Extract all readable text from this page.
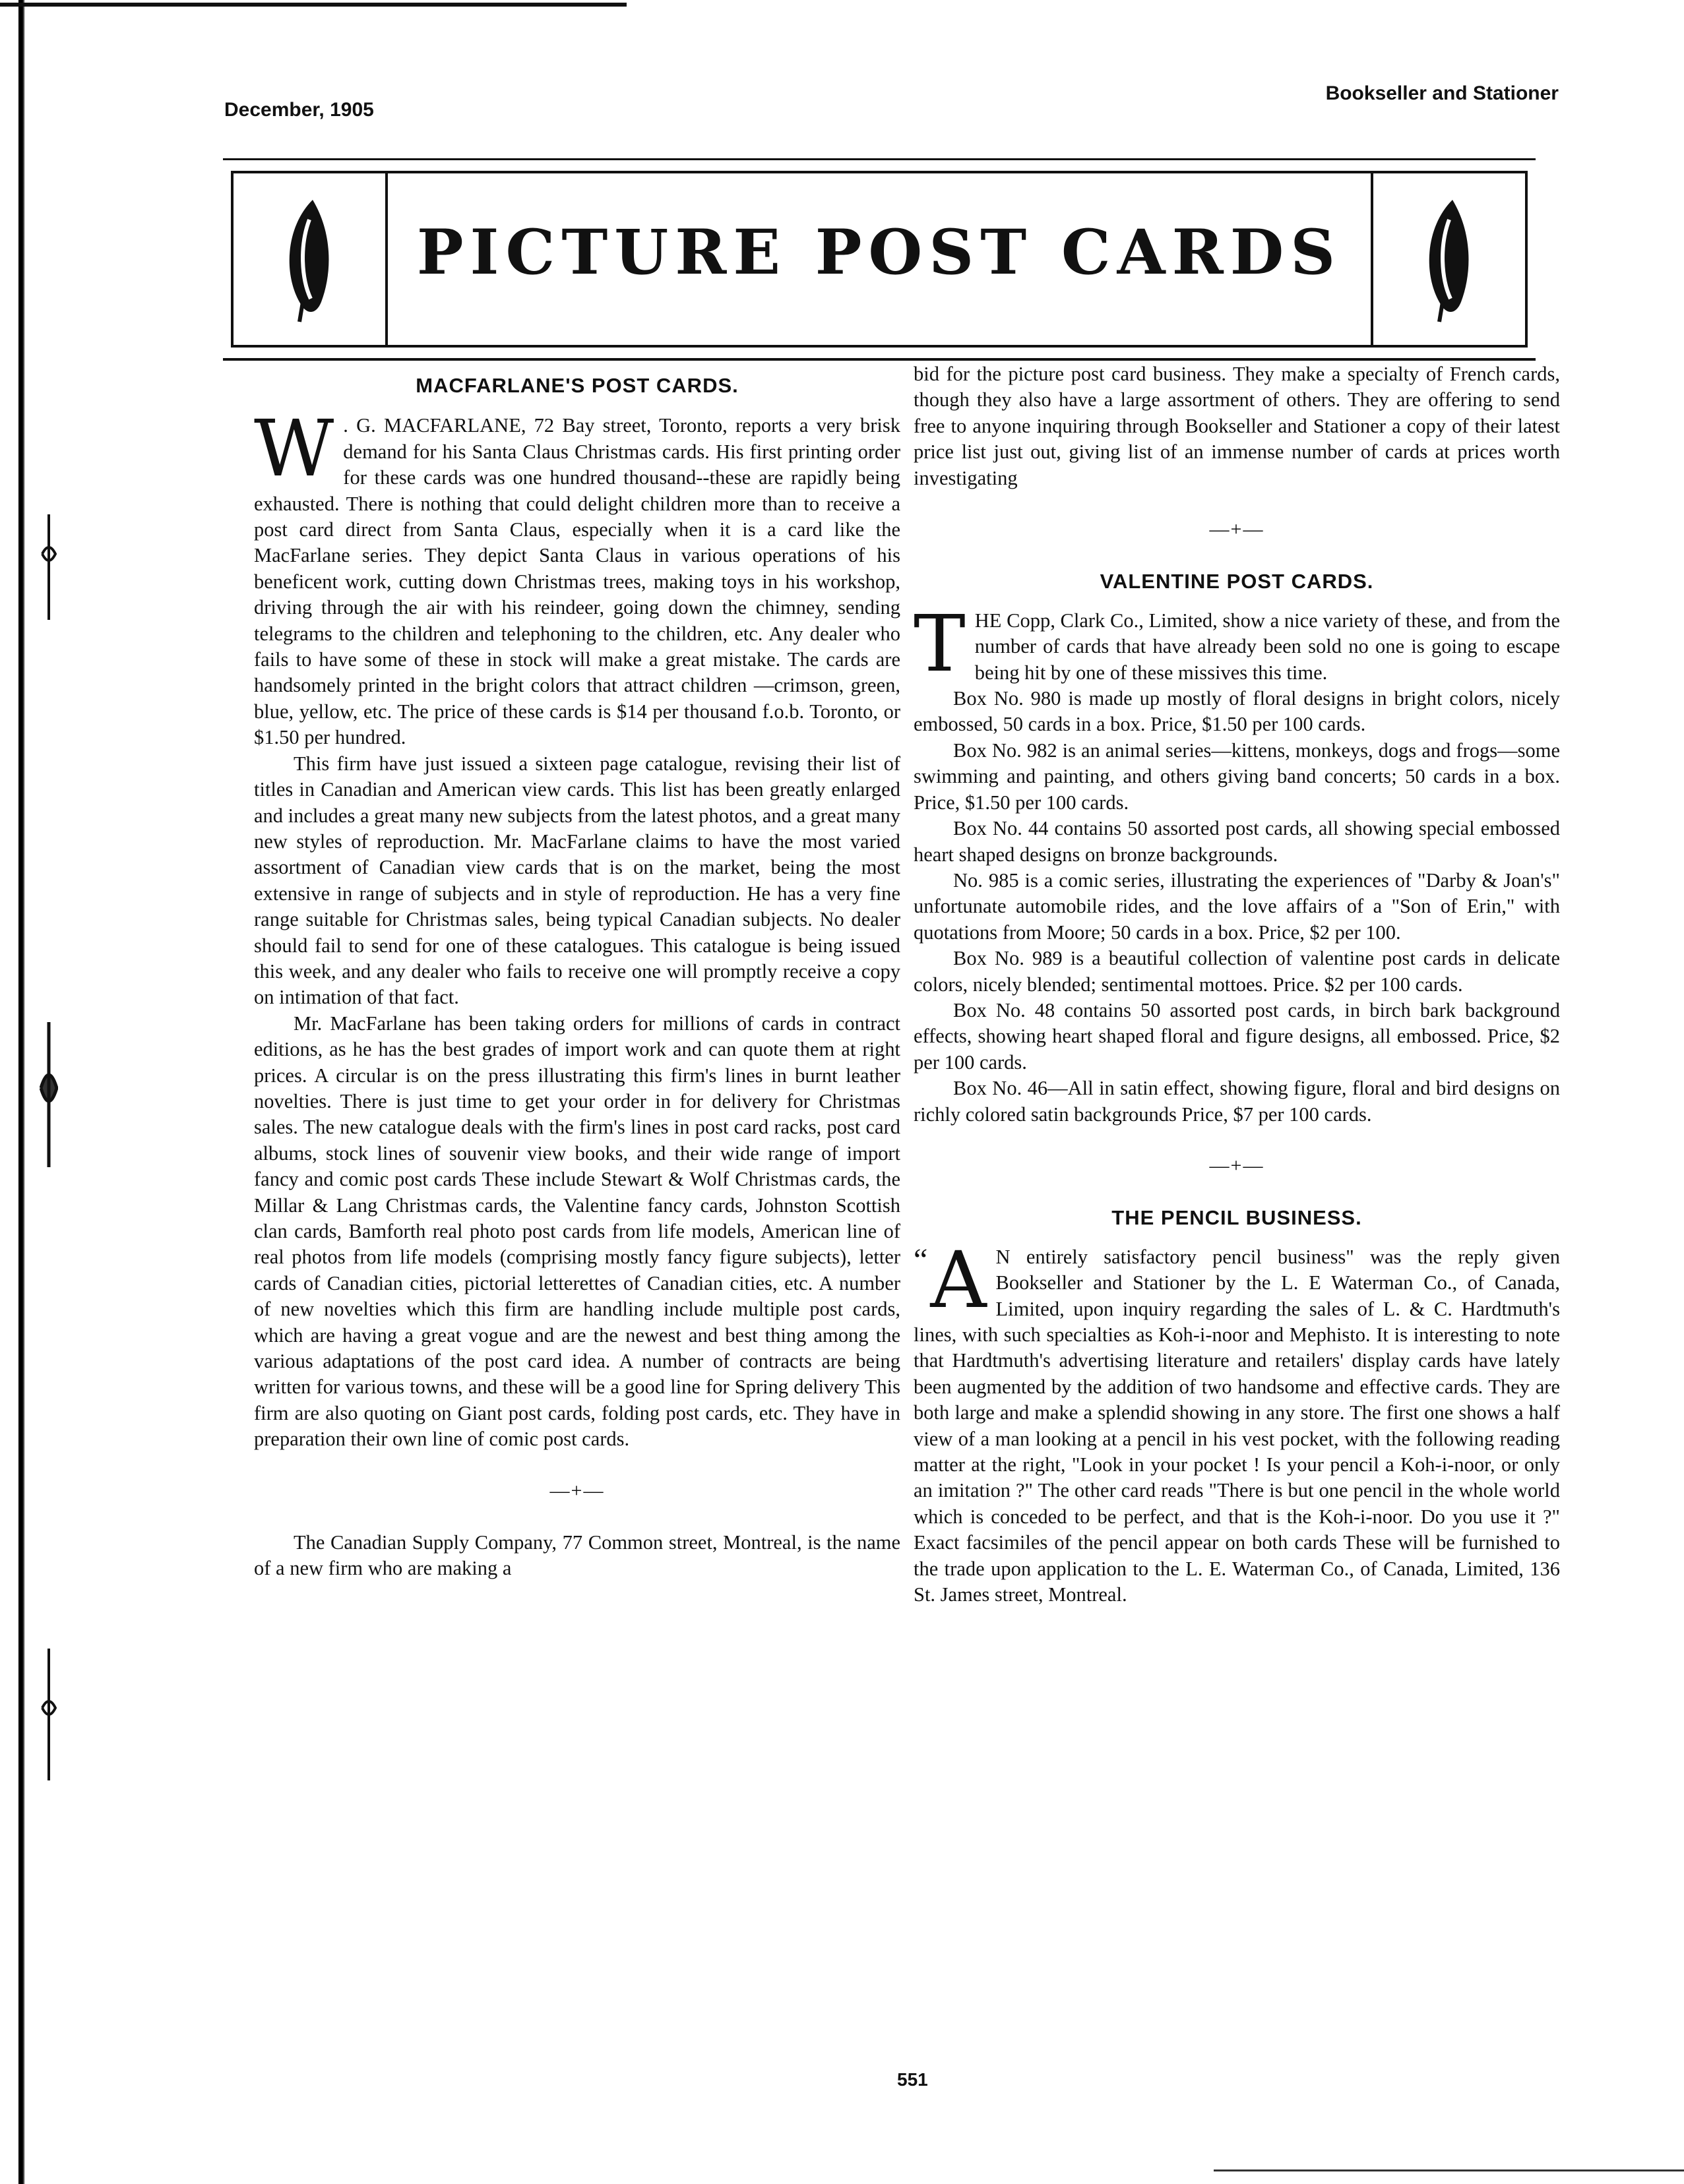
December, 1905
Bookseller and Stationer
PICTURE POST CARDS
MACFARLANE'S POST CARDS.

W . G. MACFARLANE, 72 Bay street, Toronto, reports a very brisk demand for his Santa Claus Christmas cards. His first printing order for these cards was one hundred thousand--these are rapidly being exhausted. There is nothing that could delight children more than to receive a post card direct from Santa Claus, especially when it is a card like the MacFarlane series. They depict Santa Claus in various operations of his beneficent work, cutting down Christmas trees, making toys in his workshop, driving through the air with his reindeer, going down the chimney, sending telegrams to the children and telephoning to the children, etc. Any dealer who fails to have some of these in stock will make a great mistake. The cards are handsomely printed in the bright colors that attract children —crimson, green, blue, yellow, etc. The price of these cards is $14 per thousand f.o.b. Toronto, or $1.50 per hundred.

This firm have just issued a sixteen page catalogue, revising their list of titles in Canadian and American view cards. This list has been greatly enlarged and includes a great many new subjects from the latest photos, and a great many new styles of reproduction. Mr. MacFarlane claims to have the most varied assortment of Canadian view cards that is on the market, being the most extensive in range of subjects and in style of reproduction. He has a very fine range suitable for Christmas sales, being typical Canadian subjects. No dealer should fail to send for one of these catalogues. This catalogue is being issued this week, and any dealer who fails to receive one will promptly receive a copy on intimation of that fact.

Mr. MacFarlane has been taking orders for millions of cards in contract editions, as he has the best grades of import work and can quote them at right prices. A circular is on the press illustrating this firm's lines in burnt leather novelties. There is just time to get your order in for delivery for Christmas sales. The new catalogue deals with the firm's lines in post card racks, post card albums, stock lines of souvenir view books, and their wide range of import fancy and comic post cards These include Stewart & Wolf Christmas cards, the Millar & Lang Christmas cards, the Valentine fancy cards, Johnston Scottish clan cards, Bamforth real photo post cards from life models, American line of real photos from life models (comprising mostly fancy figure subjects), letter cards of Canadian cities, pictorial letterettes of Canadian cities, etc. A number of new novelties which this firm are handling include multiple post cards, which are having a great vogue and are the newest and best thing among the various adaptations of the post card idea. A number of contracts are being written for various towns, and these will be a good line for Spring delivery This firm are also quoting on Giant post cards, folding post cards, etc. They have in preparation their own line of comic post cards.

—+—

The Canadian Supply Company, 77 Common street, Montreal, is the name of a new firm who are making a

bid for the picture post card business. They make a specialty of French cards, though they also have a large assortment of others. They are offering to send free to anyone inquiring through Bookseller and Stationer a copy of their latest price list just out, giving list of an immense number of cards at prices worth investigating

—+—
VALENTINE POST CARDS.

THE Copp, Clark Co., Limited, show a nice variety of these, and from the number of cards that have already been sold no one is going to escape being hit by one of these missives this time.

Box No. 980 is made up mostly of floral designs in bright colors, nicely embossed, 50 cards in a box. Price, $1.50 per 100 cards.

Box No. 982 is an animal series—kittens, monkeys, dogs and frogs—some swimming and painting, and others giving band concerts; 50 cards in a box. Price, $1.50 per 100 cards.

Box No. 44 contains 50 assorted post cards, all showing special embossed heart shaped designs on bronze backgrounds.

No. 985 is a comic series, illustrating the experiences of "Darby & Joan's" unfortunate automobile rides, and the love affairs of a "Son of Erin," with quotations from Moore; 50 cards in a box. Price, $2 per 100.

Box No. 989 is a beautiful collection of valentine post cards in delicate colors, nicely blended; sentimental mottoes. Price. $2 per 100 cards.

Box No. 48 contains 50 assorted post cards, in birch bark background effects, showing heart shaped floral and figure designs, all embossed. Price, $2 per 100 cards.

Box No. 46—All in satin effect, showing figure, floral and bird designs on richly colored satin backgrounds Price, $7 per 100 cards.

—+—
THE PENCIL BUSINESS.

“ A N entirely satisfactory pencil business" was the reply given Bookseller and Stationer by the L. E Waterman Co., of Canada, Limited, upon inquiry regarding the sales of L. & C. Hardtmuth's lines, with such specialties as Koh-i-noor and Mephisto. It is interesting to note that Hardtmuth's advertising literature and retailers' display cards have lately been augmented by the addition of two handsome and effective cards. They are both large and make a splendid showing in any store. The first one shows a half view of a man looking at a pencil in his vest pocket, with the following reading matter at the right, "Look in your pocket ! Is your pencil a Koh-i-noor, or only an imitation ?" The other card reads "There is but one pencil in the whole world which is conceded to be perfect, and that is the Koh-i-noor. Do you use it ?" Exact facsimiles of the pencil appear on both cards These will be furnished to the trade upon application to the L. E. Waterman Co., of Canada, Limited, 136 St. James street, Montreal.

551
